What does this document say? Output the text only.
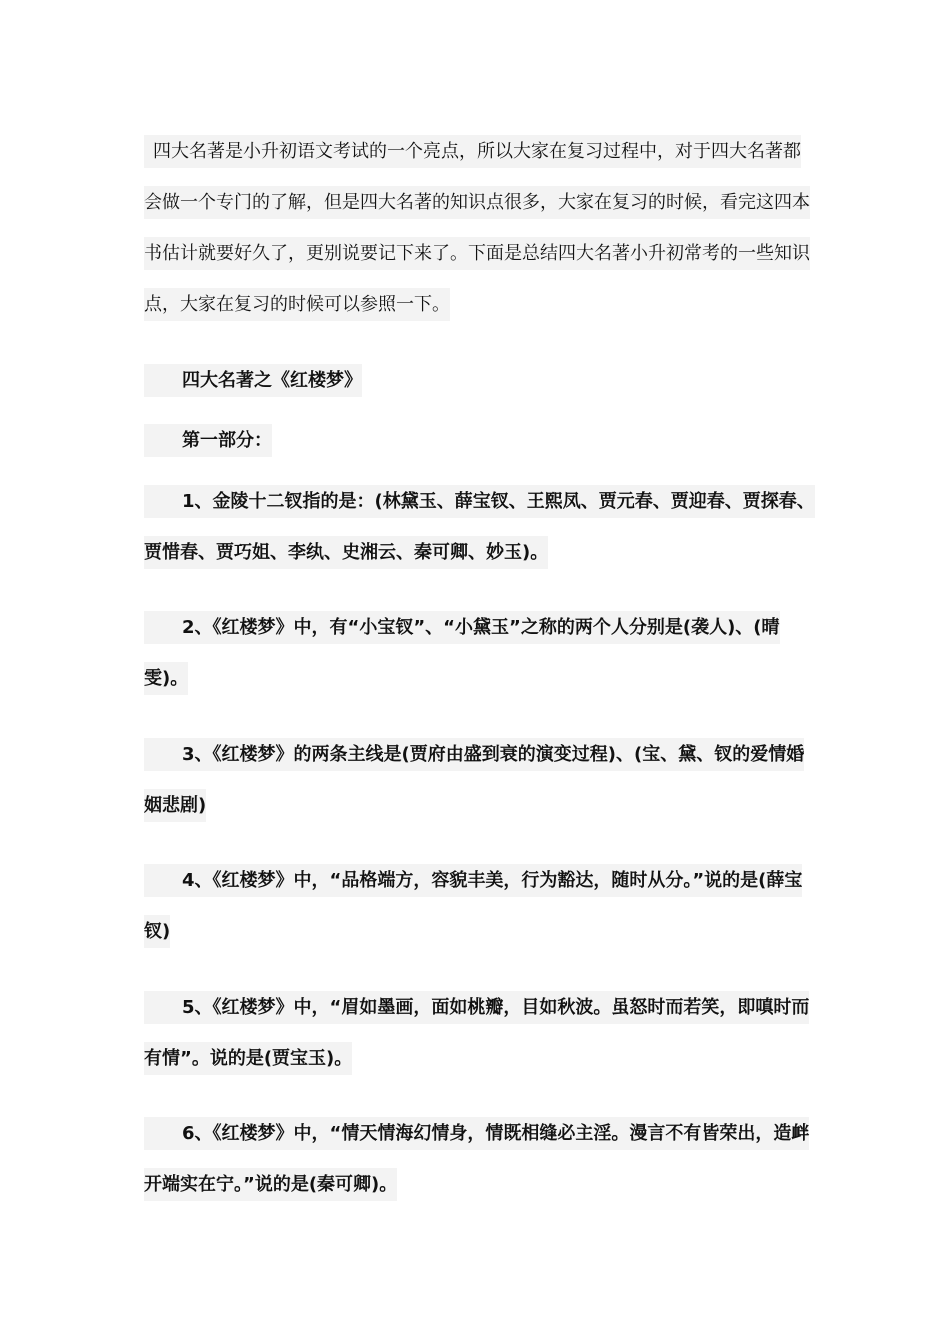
四大名著是小升初语文考试的一个亮点，所以大家在复习过程中，对于四大名著都会做一个专门的了解，但是四大名著的知识点很多，大家在复习的时候，看完这四本书估计就要好久了，更别说要记下来了。下面是总结四大名著小升初常考的一些知识点，大家在复习的时候可以参照一下。

四大名著之《红楼梦》

第一部分：

1、金陵十二钗指的是：(林黛玉、薛宝钗、王熙凤、贾元春、贾迎春、贾探春、贾惜春、贾巧姐、李纨、史湘云、秦可卿、妙玉)。

2、《红楼梦》中，有“小宝钗”、“小黛玉”之称的两个人分别是(袭人)、(晴雯)。

3、《红楼梦》的两条主线是(贾府由盛到衰的演变过程)、(宝、黛、钗的爱情婚姻悲剧)

4、《红楼梦》中，“品格端方，容貌丰美，行为豁达，随时从分。”说的是(薛宝钗)

5、《红楼梦》中，“眉如墨画，面如桃瓣，目如秋波。虽怒时而若笑，即嗔时而有情”。说的是(贾宝玉)。

6、《红楼梦》中，“情天情海幻情身，情既相缝必主淫。漫言不有皆荣出，造衅开端实在宁。”说的是(秦可卿)。
